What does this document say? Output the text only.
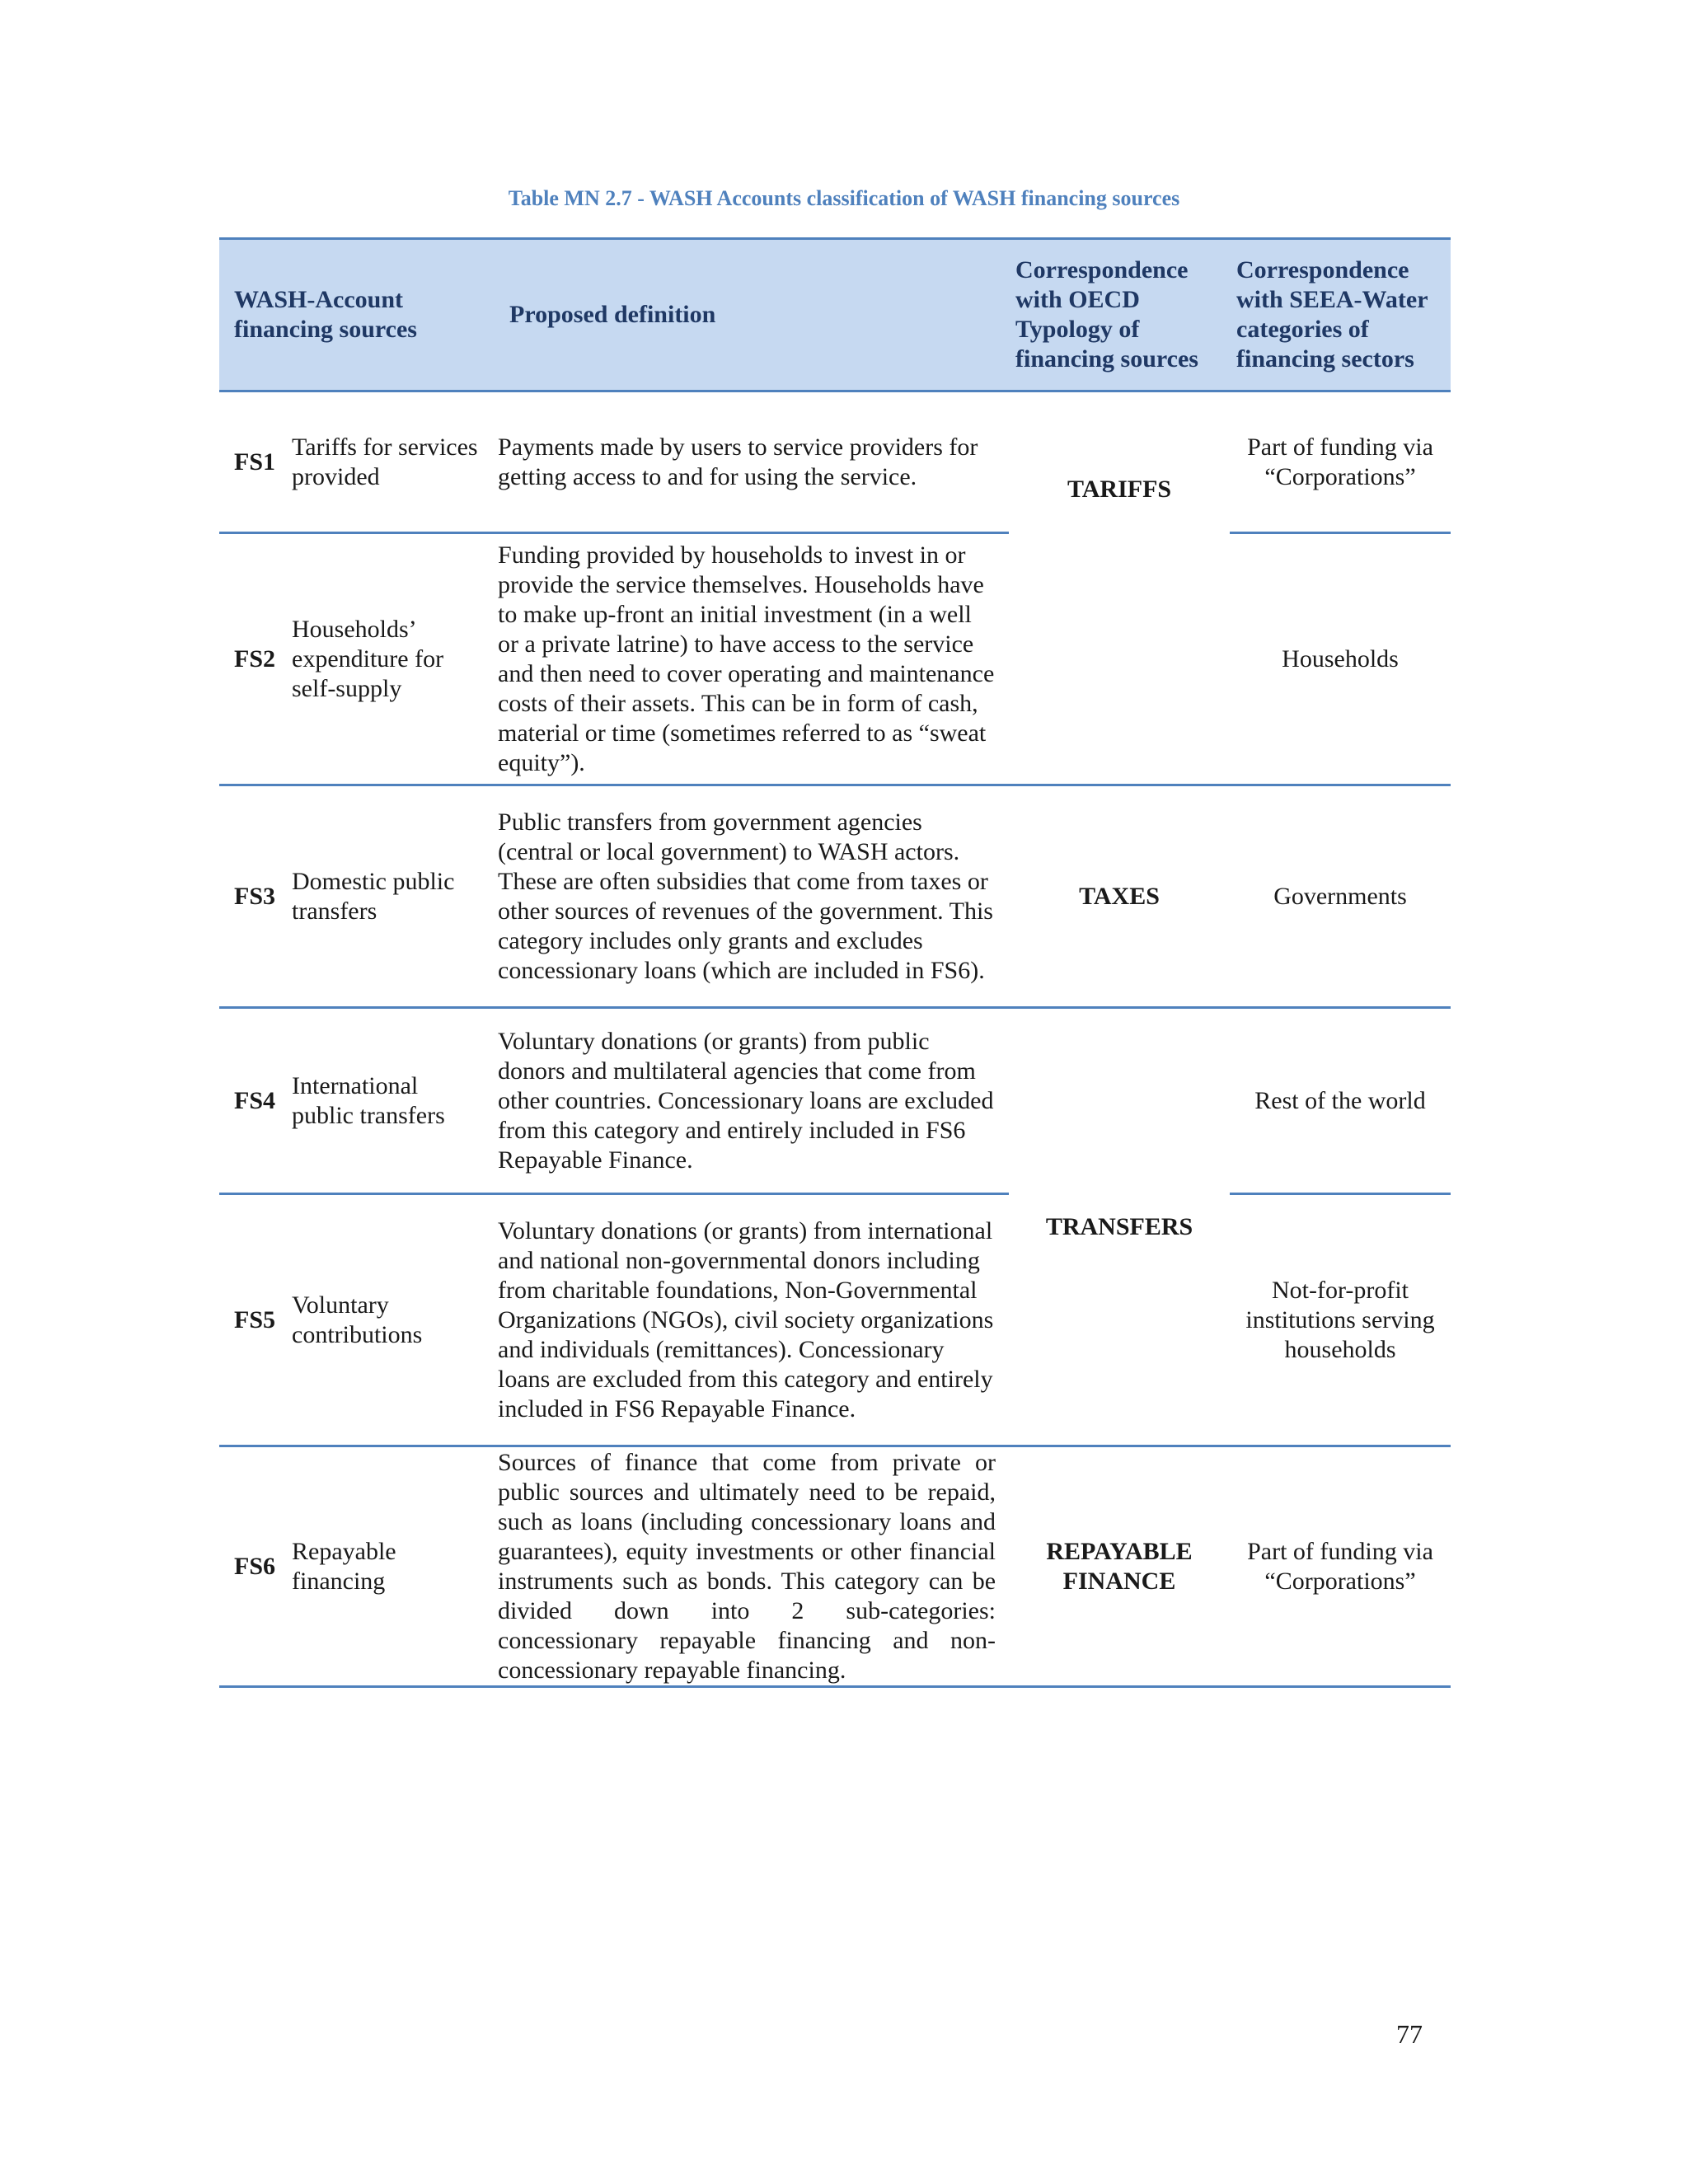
Table MN 2.7 - WASH Accounts classification of WASH financing sources
WASH-Account financing sources		Proposed definition	Correspondence with OECD Typology of financing sources	Correspondence with SEEA-Water categories of financing sectors
FS1	Tariffs for services provided	Payments made by users to service providers for getting access to and for using the service.	TARIFFS	Part of funding via “Corporations”
FS2	Households’ expenditure for self-supply	Funding provided by households to invest in or provide the service themselves. Households have to make up-front an initial investment (in a well or a private latrine) to have access to the service and then need to cover operating and maintenance costs of their assets. This can be in form of cash, material or time (sometimes referred to as “sweat equity”).		Households
FS3	Domestic public transfers	Public transfers from government agencies (central or local government) to WASH actors. These are often subsidies that come from taxes or other sources of revenues of the government. This category includes only grants and excludes concessionary loans (which are included in FS6).	TAXES	Governments
FS4	International public transfers	Voluntary donations (or grants) from public donors and multilateral agencies that come from other countries. Concessionary loans are excluded from this category and entirely included in FS6 Repayable Finance.	TRANSFERS	Rest of the world
FS5	Voluntary contributions	Voluntary donations (or grants) from international and national non-governmental donors including from charitable foundations, Non-Governmental Organizations (NGOs), civil society organizations and individuals (remittances). Concessionary loans are excluded from this category and entirely included in FS6 Repayable Finance.		Not-for-profit institutions serving households
FS6	Repayable financing	Sources of finance that come from private or public sources and ultimately need to be repaid, such as loans (including concessionary loans and guarantees), equity investments or other financial instruments such as bonds. This category can be divided down into 2 sub-categories: concessionary repayable financing and non-concessionary repayable financing.	REPAYABLE FINANCE	Part of funding via “Corporations”
77
